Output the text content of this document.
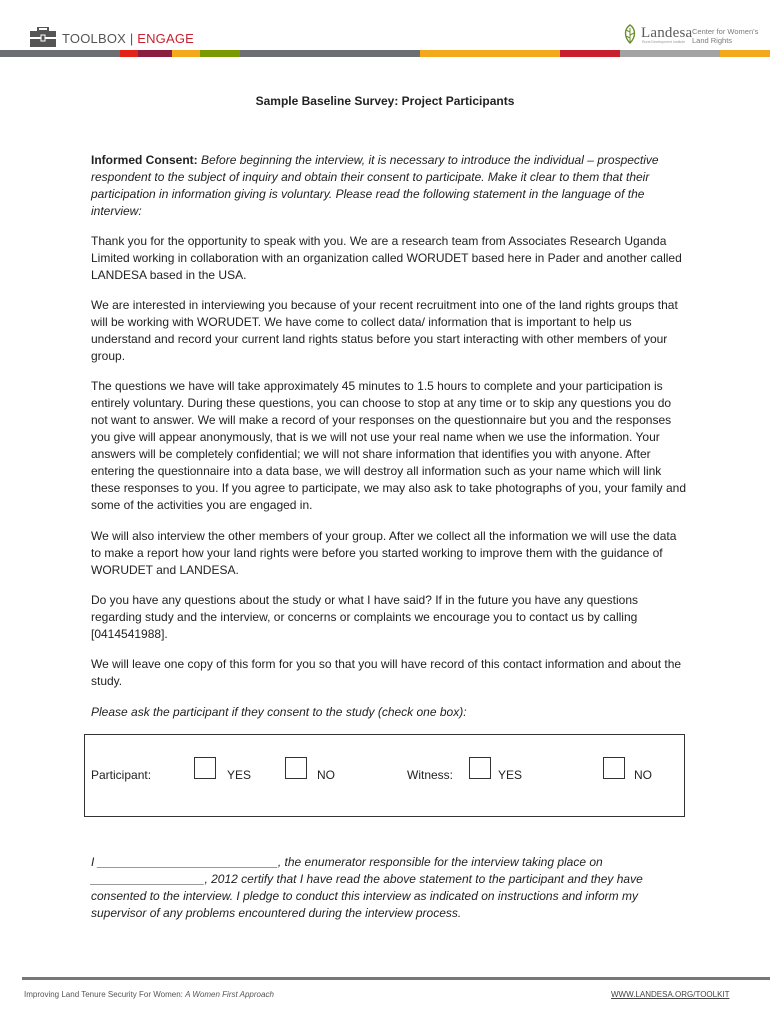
TOOLBOX | ENGAGE	Landesa
Rural Development Institute
Center for Women's
Land Rights
Sample Baseline Survey: Project Participants
Informed Consent: Before beginning the interview, it is necessary to introduce the individual – prospective respondent to the subject of inquiry and obtain their consent to participate. Make it clear to them that their participation in information giving is voluntary. Please read the following statement in the language of the interview:
Thank you for the opportunity to speak with you. We are a research team from Associates Research Uganda Limited working in collaboration with an organization called WORUDET based here in Pader and another called LANDESA based in the USA.
We are interested in interviewing you because of your recent recruitment into one of the land rights groups that will be working with WORUDET. We have come to collect data/ information that is important to help us understand and record your current land rights status before you start interacting with other members of your group.
The questions we have will take approximately 45 minutes to 1.5 hours to complete and your participation is entirely voluntary. During these questions, you can choose to stop at any time or to skip any questions you do not want to answer. We will make a record of your responses on the questionnaire but you and the responses you give will appear anonymously, that is we will not use your real name when we use the information. Your answers will be completely confidential; we will not share information that identifies you with anyone. After entering the questionnaire into a data base, we will destroy all information such as your name which will link these responses to you. If you agree to participate, we may also ask to take photographs of you, your family and some of the activities you are engaged in.
We will also interview the other members of your group. After we collect all the information we will use the data to make a report how your land rights were before you started working to improve them with the guidance of WORUDET and LANDESA.
Do you have any questions about the study or what I have said? If in the future you have any questions regarding study and the interview, or concerns or complaints we encourage you to contact us by calling [0414541988].
We will leave one copy of this form for you so that you will have record of this contact information and about the study.
Please ask the participant if they consent to the study (check one box):
Participant:	YES	NO	Witness:	YES	NO
I ___________________________, the enumerator responsible for the interview taking place on _________________, 2012 certify that I have read the above statement to the participant and they have consented to the interview. I pledge to conduct this interview as indicated on instructions and inform my supervisor of any problems encountered during the interview process.
Improving Land Tenure Security For Women: A Women First Approach	WWW.LANDESA.ORG/TOOLKIT
